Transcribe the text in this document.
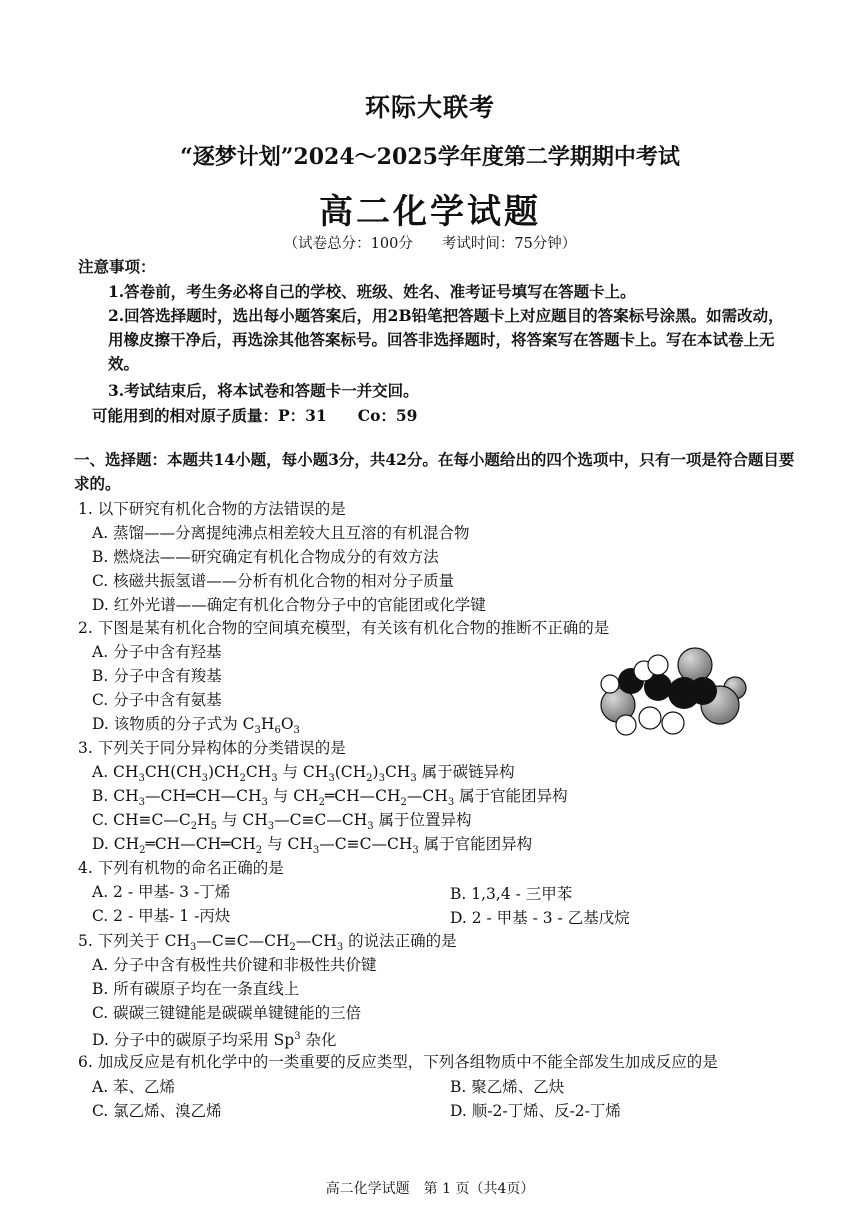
环际大联考
“逐梦计划”2024～2025学年度第二学期期中考试
高二化学试题
（试卷总分：100分　　考试时间：75分钟）
注意事项：
1.答卷前，考生务必将自己的学校、班级、姓名、准考证号填写在答题卡上。
2.回答选择题时，选出每小题答案后，用2B铅笔把答题卡上对应题目的答案标号涂黑。如需改动，用橡皮擦干净后，再选涂其他答案标号。回答非选择题时，将答案写在答题卡上。写在本试卷上无效。
3.考试结束后，将本试卷和答题卡一并交回。
可能用到的相对原子质量：P：31　　Co：59
一、选择题：本题共14小题，每小题3分，共42分。在每小题给出的四个选项中，只有一项是符合题目要求的。
1. 以下研究有机化合物的方法错误的是
A. 蒸馏——分离提纯沸点相差较大且互溶的有机混合物
B. 燃烧法——研究确定有机化合物成分的有效方法
C. 核磁共振氢谱——分析有机化合物的相对分子质量
D. 红外光谱——确定有机化合物分子中的官能团或化学键
2. 下图是某有机化合物的空间填充模型，有关该有机化合物的推断不正确的是
A. 分子中含有羟基
B. 分子中含有羧基
C. 分子中含有氨基
D. 该物质的分子式为 $C_3H_6O_3$
3. 下列关于同分异构体的分类错误的是
A. $CH_3CH(CH_3)CH_2CH_3$ 与 $CH_3(CH_2)_3CH_3$ 属于碳链异构
B. $CH_3—CH═CH—CH_3$ 与 $CH_2═CH—CH_2—CH_3$ 属于官能团异构
C. $CH\equiv C—C_2H_5$ 与 $CH_3—C\equiv C—CH_3$ 属于位置异构
D. $CH_2═CH—CH═CH_2$ 与 $CH_3—C\equiv C—CH_3$ 属于官能团异构
4. 下列有机物的命名正确的是
A. 2 - 甲基- 3 -丁烯	B. 1,3,4 - 三甲苯
C. 2 - 甲基- 1 -丙炔	D. 2 - 甲基 - 3 - 乙基戊烷
5. 下列关于 $CH_3—C\equiv C—CH_2—CH_3$ 的说法正确的是
A. 分子中含有极性共价键和非极性共价键
B. 所有碳原子均在一条直线上
C. 碳碳三键键能是碳碳单键键能的三倍
D. 分子中的碳原子均采用 Sp$^3$ 杂化
6. 加成反应是有机化学中的一类重要的反应类型，下列各组物质中不能全部发生加成反应的是
A. 苯、乙烯	B. 聚乙烯、乙炔
C. 氯乙烯、溴乙烯	D. 顺-2-丁烯、反-2-丁烯
高二化学试题　第 1 页（共4页）
